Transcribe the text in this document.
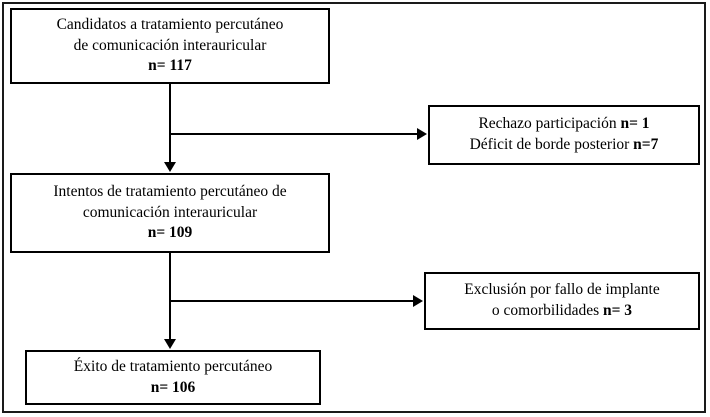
Candidatos a tratamiento percutáneo
de comunicación interauricular
n= 117
Intentos de tratamiento percutáneo de
comunicación interauricular
n= 109
Éxito de tratamiento percutáneo
n= 106
Rechazo participación n= 1
Déficit de borde posterior n=7
Exclusión por fallo de implante
o comorbilidades n= 3
